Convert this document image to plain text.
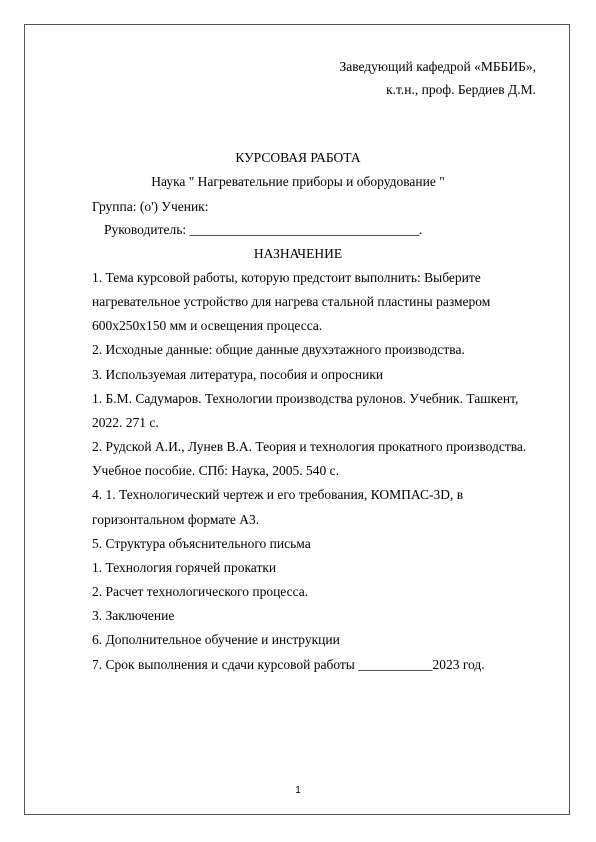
Заведующий кафедрой «МББИБ»,
к.т.н., проф. Бердиев Д.М.
КУРСОВАЯ РАБОТА
Наука " Нагревательние приборы и оборудование "
Группа: (о') Ученик:
Руководитель: __________________________________.
НАЗНАЧЕНИЕ
1. Тема курсовой работы, которую предстоит выполнить: Выберите
нагревательное устройство для нагрева стальной пластины размером
600x250x150 мм и освещения процесса.
2. Исходные данные: общие данные двухэтажного производства.
3. Используемая литература, пособия и опросники
1. Б.М. Садумаров. Технологии производства рулонов. Учебник. Ташкент,
2022. 271 с.
2. Рудской А.И., Лунев В.А. Теория и технология прокатного производства.
Учебное пособие. СПб: Наука, 2005. 540 с.
4. 1. Технологический чертеж и его требования, КОМПАС-3D, в
горизонтальном формате А3.
5. Структура объяснительного письма
1. Технология горячей прокатки
2. Расчет технологического процесса.
3. Заключение
6. Дополнительное обучение и инструкции
7. Срок выполнения и сдачи курсовой работы ___________2023 год.
1
